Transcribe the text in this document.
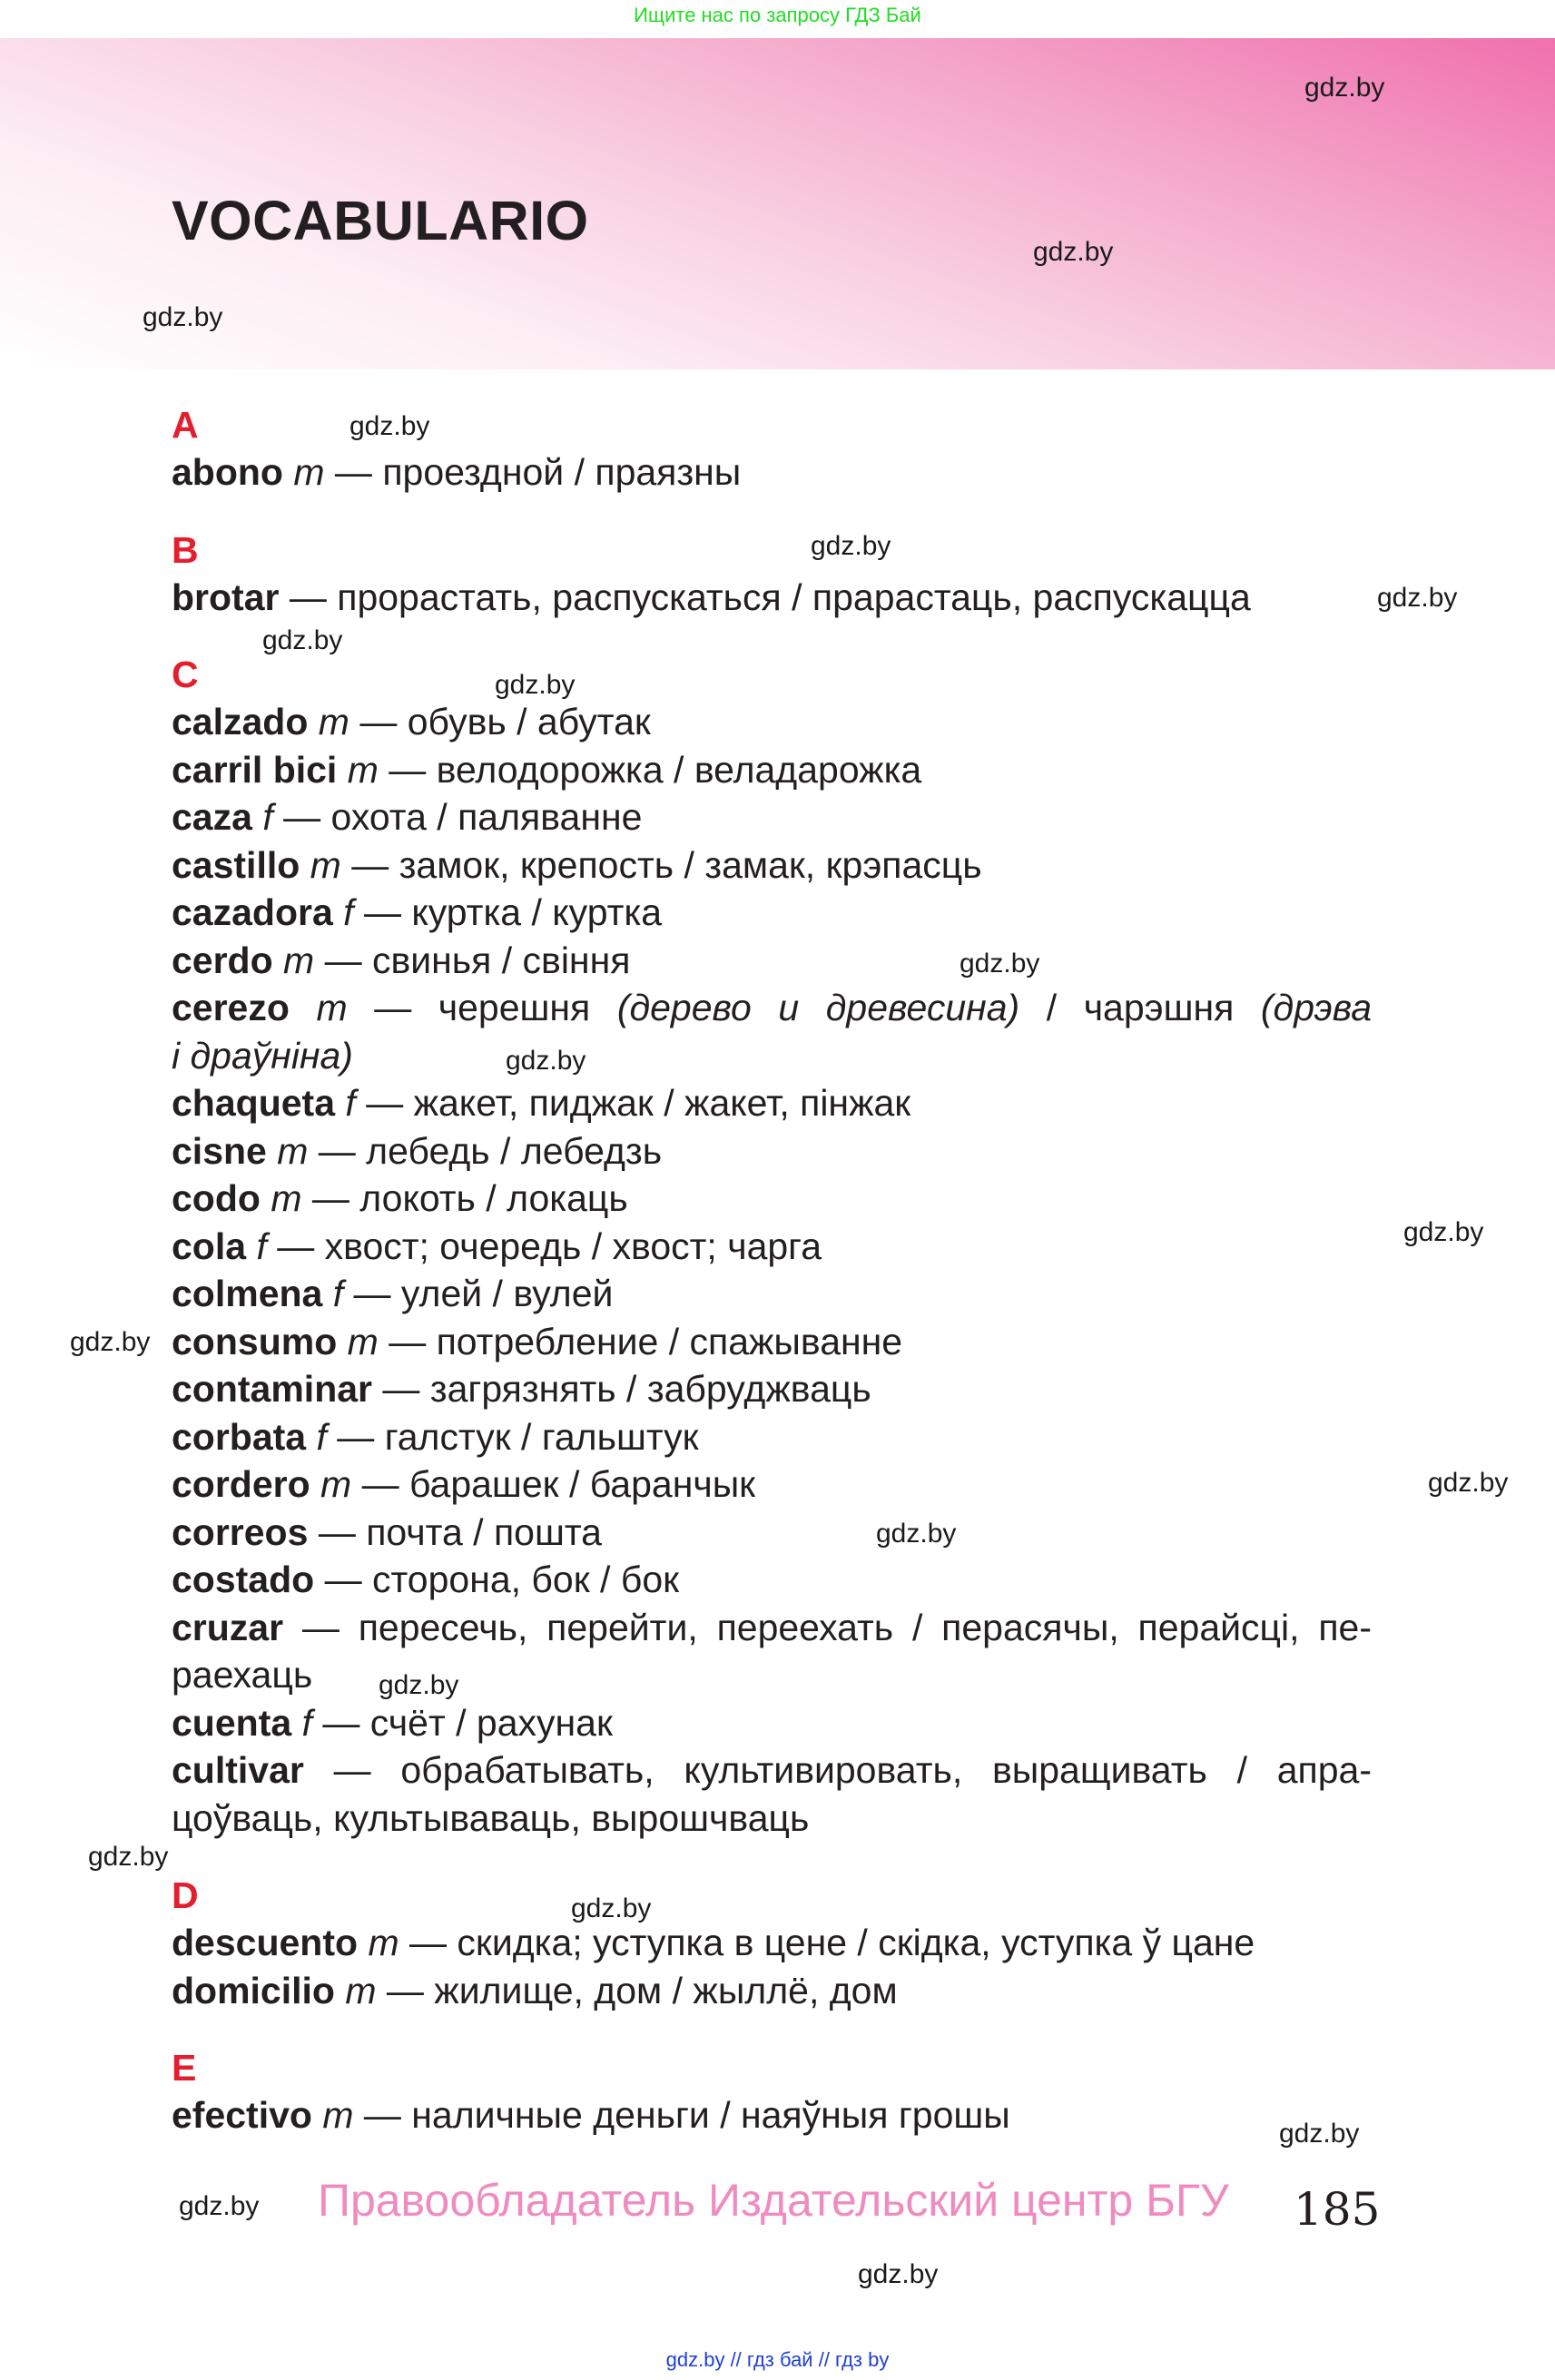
Ищите нас по запросу ГДЗ Бай
VOCABULARIO
A
abono m — проездной / праязны
B
brotar — прорастать, распускаться / прарастаць, распускацца
C
calzado m — обувь / абутак
carril bici m — велодорожка / веладарожка
caza f — охота / паляванне
castillo m — замок, крепость / замак, крэпасць
cazadora f — куртка / куртка
cerdo m — свинья / свіння
cerezo m — черешня (дерево и древесина) / чарэшня (дрэва
і драўніна)
chaqueta f — жакет, пиджак / жакет, пінжак
cisne m — лебедь / лебедзь
codo m — локоть / локаць
cola f — хвост; очередь / хвост; чарга
colmena f — улей / вулей
consumo m — потребление / спажыванне
contaminar — загрязнять / забруджваць
corbata f — галстук / гальштук
cordero m — барашек / баранчык
correos — почта / пошта
costado — сторона, бок / бок
cruzar — пересечь, перейти, переехать / перасячы, перайсці, пе-
раехаць
cuenta f — счёт / рахунак
cultivar — обрабатывать, культивировать, выращивать / апра-
цоўваць, культываваць, вырошчваць
D
descuento m — скидка; уступка в цене / скідка, уступка ў цане
domicilio m — жилище, дом / жыллё, дом
E
efectivo m — наличные деньги / наяўныя грошы
gdz.by
gdz.by
gdz.by
gdz.by
gdz.by
gdz.by
gdz.by
gdz.by
gdz.by
gdz.by
gdz.by
gdz.by
gdz.by
gdz.by
gdz.by
gdz.by
gdz.by
gdz.by
gdz.by
gdz.by
Правообладатель Издательский центр БГУ 185
gdz.by // гдз бай // гдз by
